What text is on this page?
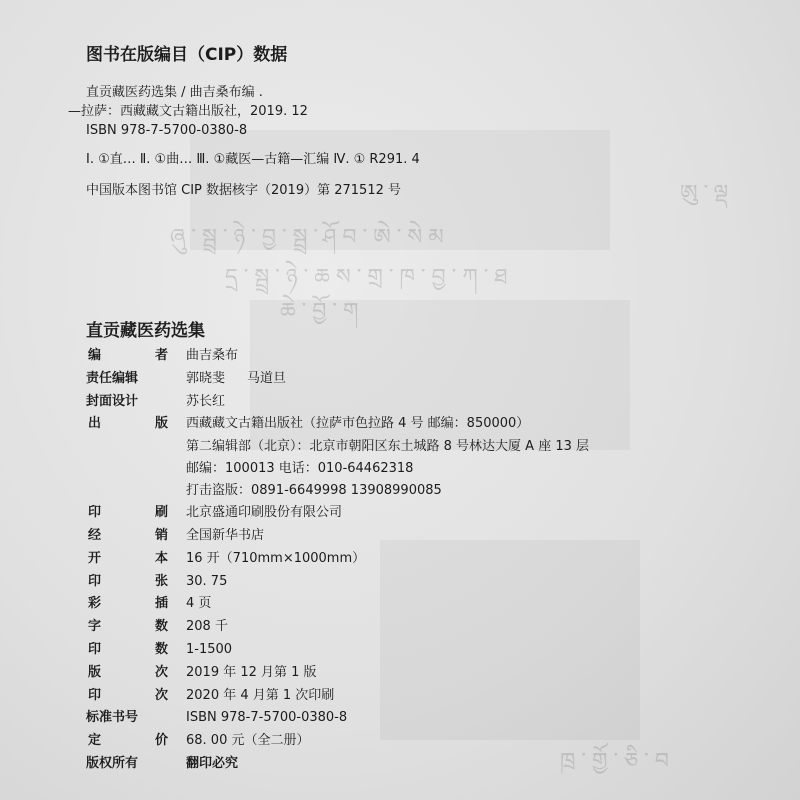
ཨུ་ལྡ
ཞུ་སྦྲ་ཉེ་བྱ་སྦྲ་ཤོབ་ཨེ་སེམ
དྲ་སྦྲ་ཉེ་ཆས་གྲ་ཁ་བྱ་ཀ་ཐ
ཆེ་བྱོ་ག
ཁྲ་གྱོ་ཅི་བ
图书在版编目（CIP）数据
直贡藏医药选集 / 曲吉桑布编 .
—拉萨：西藏藏文古籍出版社，2019. 12
ISBN 978-7-5700-0380-8
Ⅰ. ①直… Ⅱ. ①曲… Ⅲ. ①藏医—古籍—汇编 Ⅳ. ① R291. 4
中国版本图书馆 CIP 数据核字（2019）第 271512 号
直贡藏医药选集
编	者 曲吉桑布
责任编辑	郭晓斐 马道旦
封面设计	苏长红
出	版 西藏藏文古籍出版社（拉萨市色拉路 4 号 邮编：850000）
第二编辑部（北京）：北京市朝阳区东土城路 8 号林达大厦 A 座 13 层
邮编：100013 电话：010-64462318
打击盗版：0891-6649998 13908990085
印	刷 北京盛通印刷股份有限公司
经	销 全国新华书店
开	本 16 开（710mm×1000mm）
印	张 30. 75
彩	插 4 页
字	数 208 千
印	数 1-1500
版	次 2019 年 12 月第 1 版
印	次 2020 年 4 月第 1 次印刷
标准书号	ISBN 978-7-5700-0380-8
定	价 68. 00 元（全二册）
版权所有	翻印必究
